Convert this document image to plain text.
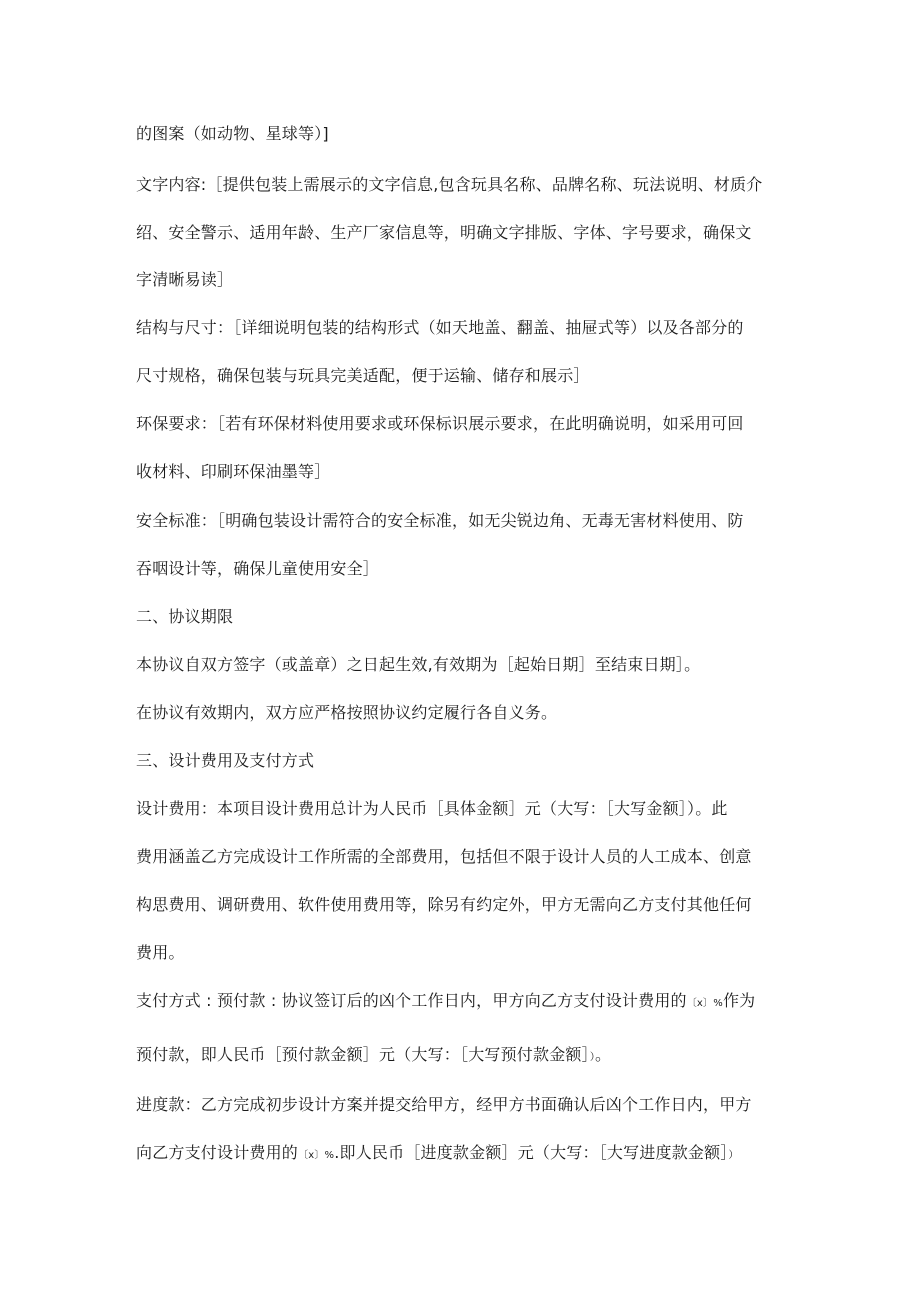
的图案（如动物、星球等）]

文字内容:［提供包装上需展示的文字信息,包含玩具名称、品牌名称、玩法说明、材质介

绍、安全警示、适用年龄、生产厂家信息等，明确文字排版、字体、字号要求，确保文

字清晰易读］

结构与尺寸：［详细说明包装的结构形式（如天地盖、翻盖、抽屉式等）以及各部分的

尺寸规格，确保包装与玩具完美适配，便于运输、储存和展示］

环保要求：［若有环保材料使用要求或环保标识展示要求，在此明确说明，如采用可回

收材料、印刷环保油墨等］

安全标准：［明确包装设计需符合的安全标准，如无尖锐边角、无毒无害材料使用、防

吞咽设计等，确保儿童使用安全］

二、协议期限

本协议自双方签字（或盖章）之日起生效,有效期为［起始日期］至结束日期］。

在协议有效期内，双方应严格按照协议约定履行各自义务。

三、设计费用及支付方式

设计费用：本项目设计费用总计为人民币［具体金额］元（大写：［大写金额］）。此

费用涵盖乙方完成设计工作所需的全部费用，包括但不限于设计人员的人工成本、创意

构思费用、调研费用、软件使用费用等，除另有约定外，甲方无需向乙方支付其他任何

费用。

支付方式 : 预付款 : 协议签订后的凶个工作日内，甲方向乙方支付设计费用的〔x〕%作为

预付款，即人民币［预付款金额］元（大写：［大写预付款金额］）。

进度款：乙方完成初步设计方案并提交给甲方，经甲方书面确认后凶个工作日内，甲方

向乙方支付设计费用的〔x〕%.即人民币［进度款金额］元（大写：［大写进度款金额］）
